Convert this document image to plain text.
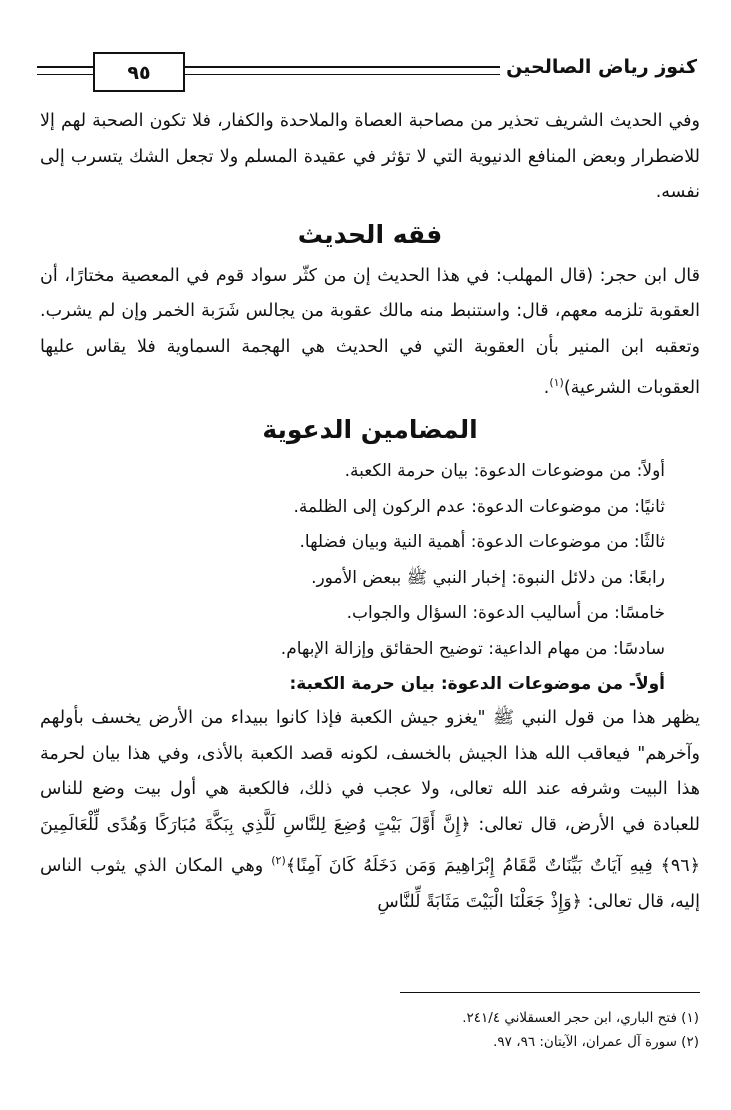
كنوز رياض الصالحين
٩٥

وفي الحديث الشريف تحذير من مصاحبة العصاة والملاحدة والكفار، فلا تكون الصحبة لهم إلا للاضطرار وبعض المنافع الدنيوية التي لا تؤثر في عقيدة المسلم ولا تجعل الشك يتسرب إلى نفسه.

فقه الحديث

قال ابن حجر: (قال المهلب: في هذا الحديث إن من كثّر سواد قوم في المعصية مختارًا، أن العقوبة تلزمه معهم، قال: واستنبط منه مالك عقوبة من يجالس شَرَبة الخمر وإن لم يشرب. وتعقبه ابن المنير بأن العقوبة التي في الحديث هي الهجمة السماوية فلا يقاس عليها العقوبات الشرعية)$^{(١)}$.

المضامين الدعوية
أولاً: من موضوعات الدعوة: بيان حرمة الكعبة.
ثانيًا: من موضوعات الدعوة: عدم الركون إلى الظلمة.
ثالثًا: من موضوعات الدعوة: أهمية النية وبيان فضلها.
رابعًا: من دلائل النبوة: إخبار النبي ﷺ ببعض الأمور.
خامسًا: من أساليب الدعوة: السؤال والجواب.
سادسًا: من مهام الداعية: توضيح الحقائق وإزالة الإبهام.

أولاً- من موضوعات الدعوة: بيان حرمة الكعبة:

يظهر هذا من قول النبي ﷺ "يغزو جيش الكعبة فإذا كانوا ببيداء من الأرض يخسف بأولهم وآخرهم" فيعاقب الله هذا الجيش بالخسف، لكونه قصد الكعبة بالأذى، وفي هذا بيان لحرمة هذا البيت وشرفه عند الله تعالى، ولا عجب في ذلك، فالكعبة هي أول بيت وضع للناس للعبادة في الأرض، قال تعالى: ﴿إِنَّ أَوَّلَ بَيْتٍ وُضِعَ لِلنَّاسِ لَلَّذِي بِبَكَّةَ مُبَارَكًا وَهُدًى لِّلْعَالَمِينَ ﴿٩٦﴾ فِيهِ آيَاتٌ بَيِّنَاتٌ مَّقَامُ إِبْرَاهِيمَ وَمَن دَخَلَهُ كَانَ آمِنًا﴾$^{(٢)}$ وهي المكان الذي يثوب الناس إليه، قال تعالى: ﴿وَإِذْ جَعَلْنَا الْبَيْتَ مَثَابَةً لِّلنَّاسِ

(١) فتح الباري، ابن حجر العسقلاني ٢٤١/٤.

(٢) سورة آل عمران، الآيتان: ٩٦، ٩٧.
